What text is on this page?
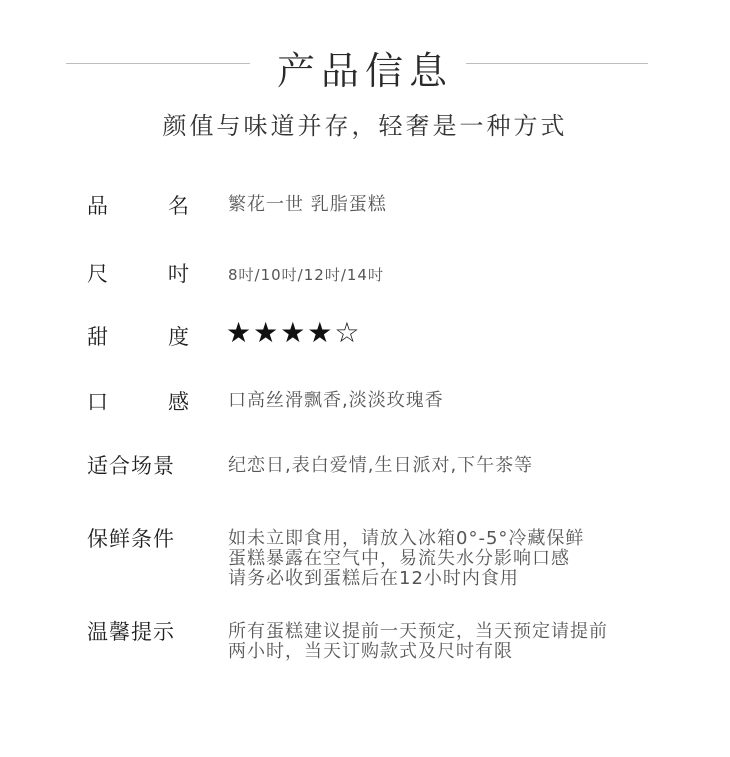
产品信息
颜值与味道并存，轻奢是一种方式
品	名 繁花一世 乳脂蛋糕
尺	吋	8吋/10吋/12吋/14吋
甜	度 ★★★★☆
口	感 口高丝滑飘香,淡淡玫瑰香
适合场景	纪恋日,表白爱情,生日派对,下午茶等
保鲜条件	如未立即食用，请放入冰箱0°-5°冷藏保鲜
蛋糕暴露在空气中，易流失水分影响口感
请务必收到蛋糕后在12小时内食用
温馨提示	所有蛋糕建议提前一天预定，当天预定请提前
两小时，当天订购款式及尺吋有限
